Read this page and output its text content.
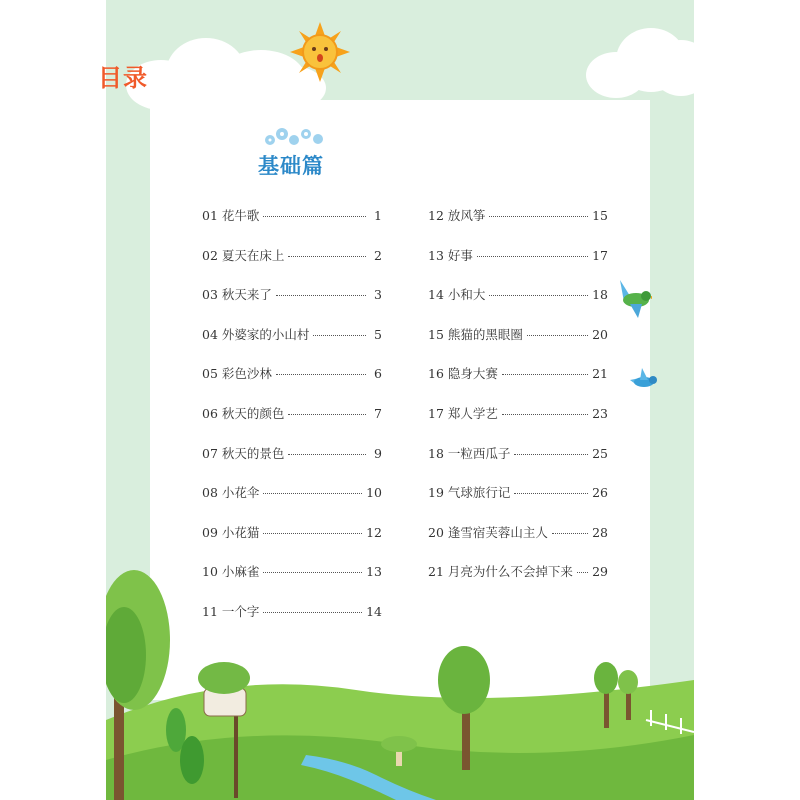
目录
基础篇
01 花牛歌	1
02 夏天在床上	2
03 秋天来了	3
04 外婆家的小山村	5
05 彩色沙林	6
06 秋天的颜色	7
07 秋天的景色	9
08 小花伞	10
09 小花猫	12
10 小麻雀	13
11 一个字	14
12 放风筝	15
13 好事	17
14 小和大	18
15 熊猫的黑眼圈	20
16 隐身大赛	21
17 郑人学艺	23
18 一粒西瓜子	25
19 气球旅行记	26
20 逢雪宿芙蓉山主人	28
21 月亮为什么不会掉下来 29
